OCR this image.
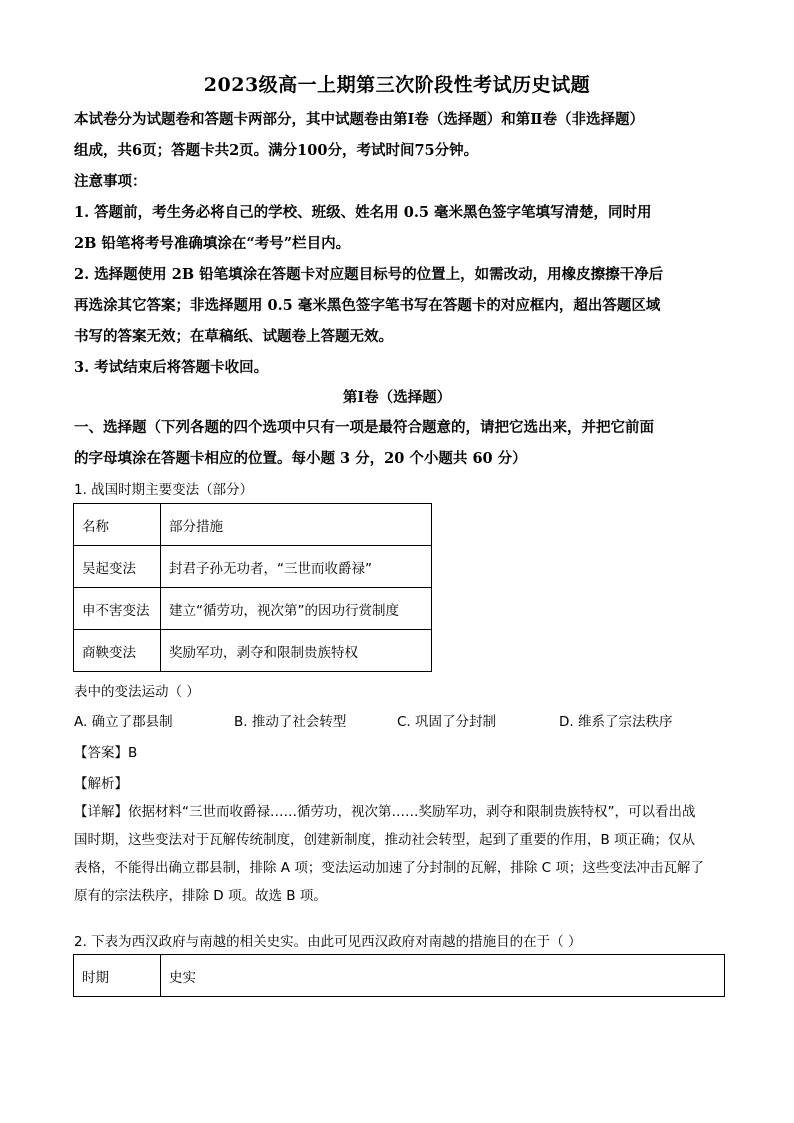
2023级高一上期第三次阶段性考试历史试题
本试卷分为试题卷和答题卡两部分，其中试题卷由第Ⅰ卷（选择题）和第Ⅱ卷（非选择题）
组成，共6页；答题卡共2页。满分100分，考试时间75分钟。
注意事项：
1. 答题前，考生务必将自己的学校、班级、姓名用 0.5 毫米黑色签字笔填写清楚，同时用
2B 铅笔将考号准确填涂在“考号”栏目内。
2. 选择题使用 2B 铅笔填涂在答题卡对应题目标号的位置上，如需改动，用橡皮擦擦干净后
再选涂其它答案；非选择题用 0.5 毫米黑色签字笔书写在答题卡的对应框内，超出答题区域
书写的答案无效；在草稿纸、试题卷上答题无效。
3. 考试结束后将答题卡收回。
第Ⅰ卷（选择题）
一、选择题（下列各题的四个选项中只有一项是最符合题意的，请把它选出来，并把它前面
的字母填涂在答题卡相应的位置。每小题 3 分，20 个小题共 60 分）
1. 战国时期主要变法（部分）
名称	部分措施
吴起变法	封君子孙无功者，“三世而收爵禄”
申不害变法	建立“循劳功，视次第”的因功行赏制度
商鞅变法	奖励军功，剥夺和限制贵族特权
表中的变法运动（ ）
A. 确立了郡县制	B. 推动了社会转型	C. 巩固了分封制	D. 维系了宗法秩序
【答案】B
【解析】
【详解】依据材料“三世而收爵禄……循劳功，视次第……奖励军功，剥夺和限制贵族特权”，可以看出战
国时期，这些变法对于瓦解传统制度，创建新制度，推动社会转型，起到了重要的作用，B 项正确；仅从
表格，不能得出确立郡县制，排除 A 项；变法运动加速了分封制的瓦解，排除 C 项；这些变法冲击瓦解了
原有的宗法秩序，排除 D 项。故选 B 项。
2. 下表为西汉政府与南越的相关史实。由此可见西汉政府对南越的措施目的在于（ ）
时期	史实
